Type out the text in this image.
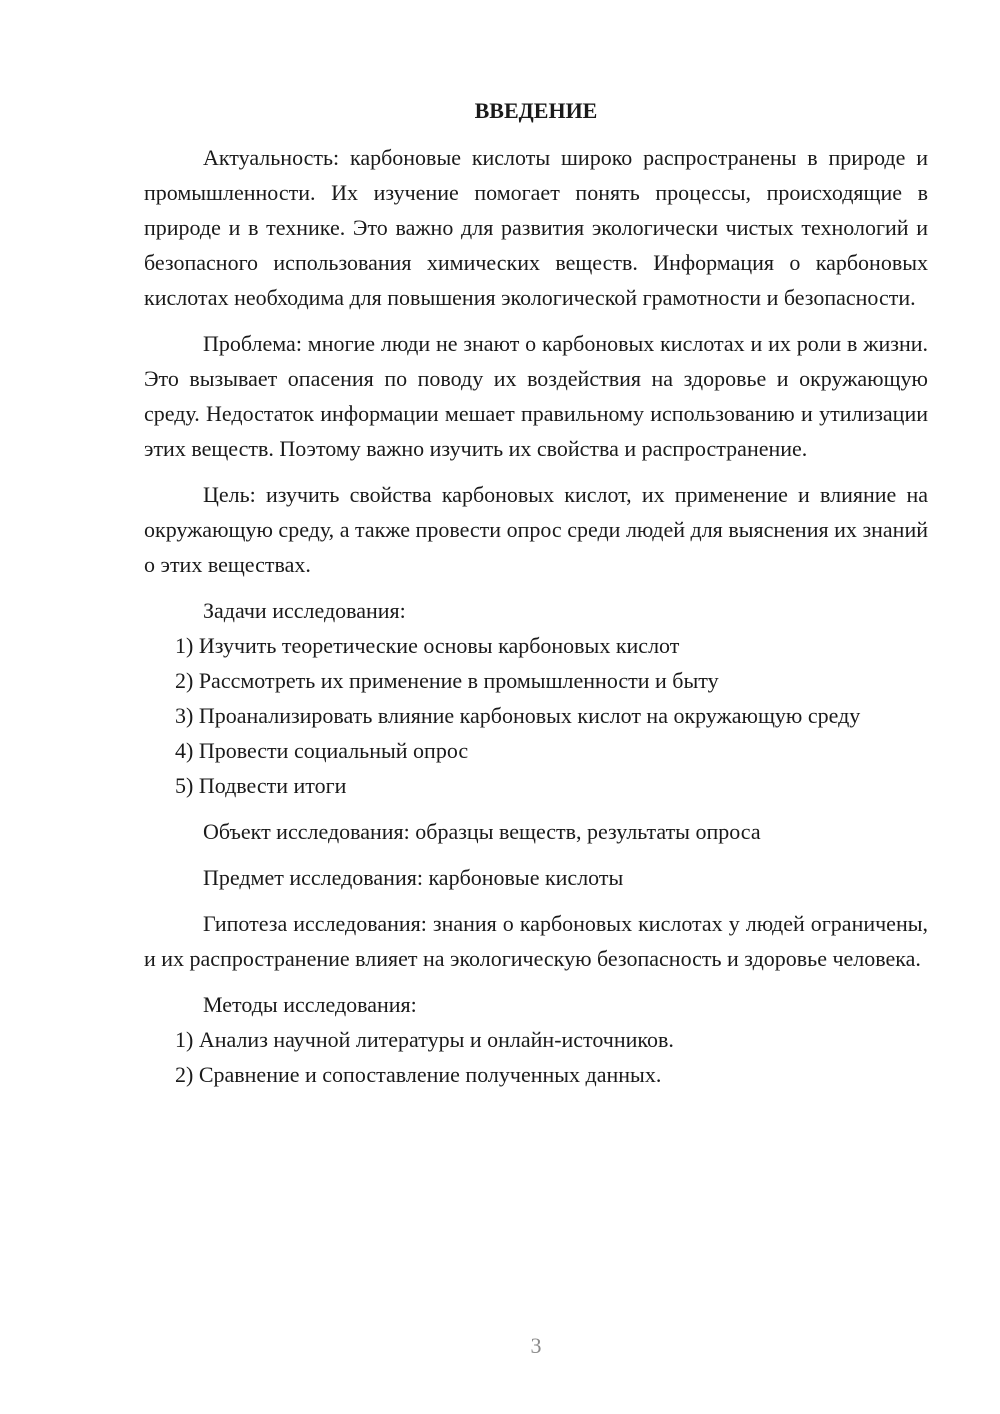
ВВЕДЕНИЕ

Актуальность: карбоновые кислоты широко распространены в природе и промышленности. Их изучение помогает понять процессы, происходящие в природе и в технике. Это важно для развития экологически чистых технологий и безопасного использования химических веществ. Информация о карбоновых кислотах необходима для повышения экологической грамотности и безопасности.

Проблема: многие люди не знают о карбоновых кислотах и их роли в жизни. Это вызывает опасения по поводу их воздействия на здоровье и окружающую среду. Недостаток информации мешает правильному использованию и утилизации этих веществ. Поэтому важно изучить их свойства и распространение.

Цель: изучить свойства карбоновых кислот, их применение и влияние на окружающую среду, а также провести опрос среди людей для выяснения их знаний о этих веществах.

Задачи исследования:

1) Изучить теоретические основы карбоновых кислот

2) Рассмотреть их применение в промышленности и быту

3) Проанализировать влияние карбоновых кислот на окружающую среду

4) Провести социальный опрос

5) Подвести итоги

Объект исследования: образцы веществ, результаты опроса

Предмет исследования: карбоновые кислоты

Гипотеза исследования: знания о карбоновых кислотах у людей ограничены, и их распространение влияет на экологическую безопасность и здоровье человека.

Методы исследования:

1) Анализ научной литературы и онлайн-источников.

2) Сравнение и сопоставление полученных данных.

3
